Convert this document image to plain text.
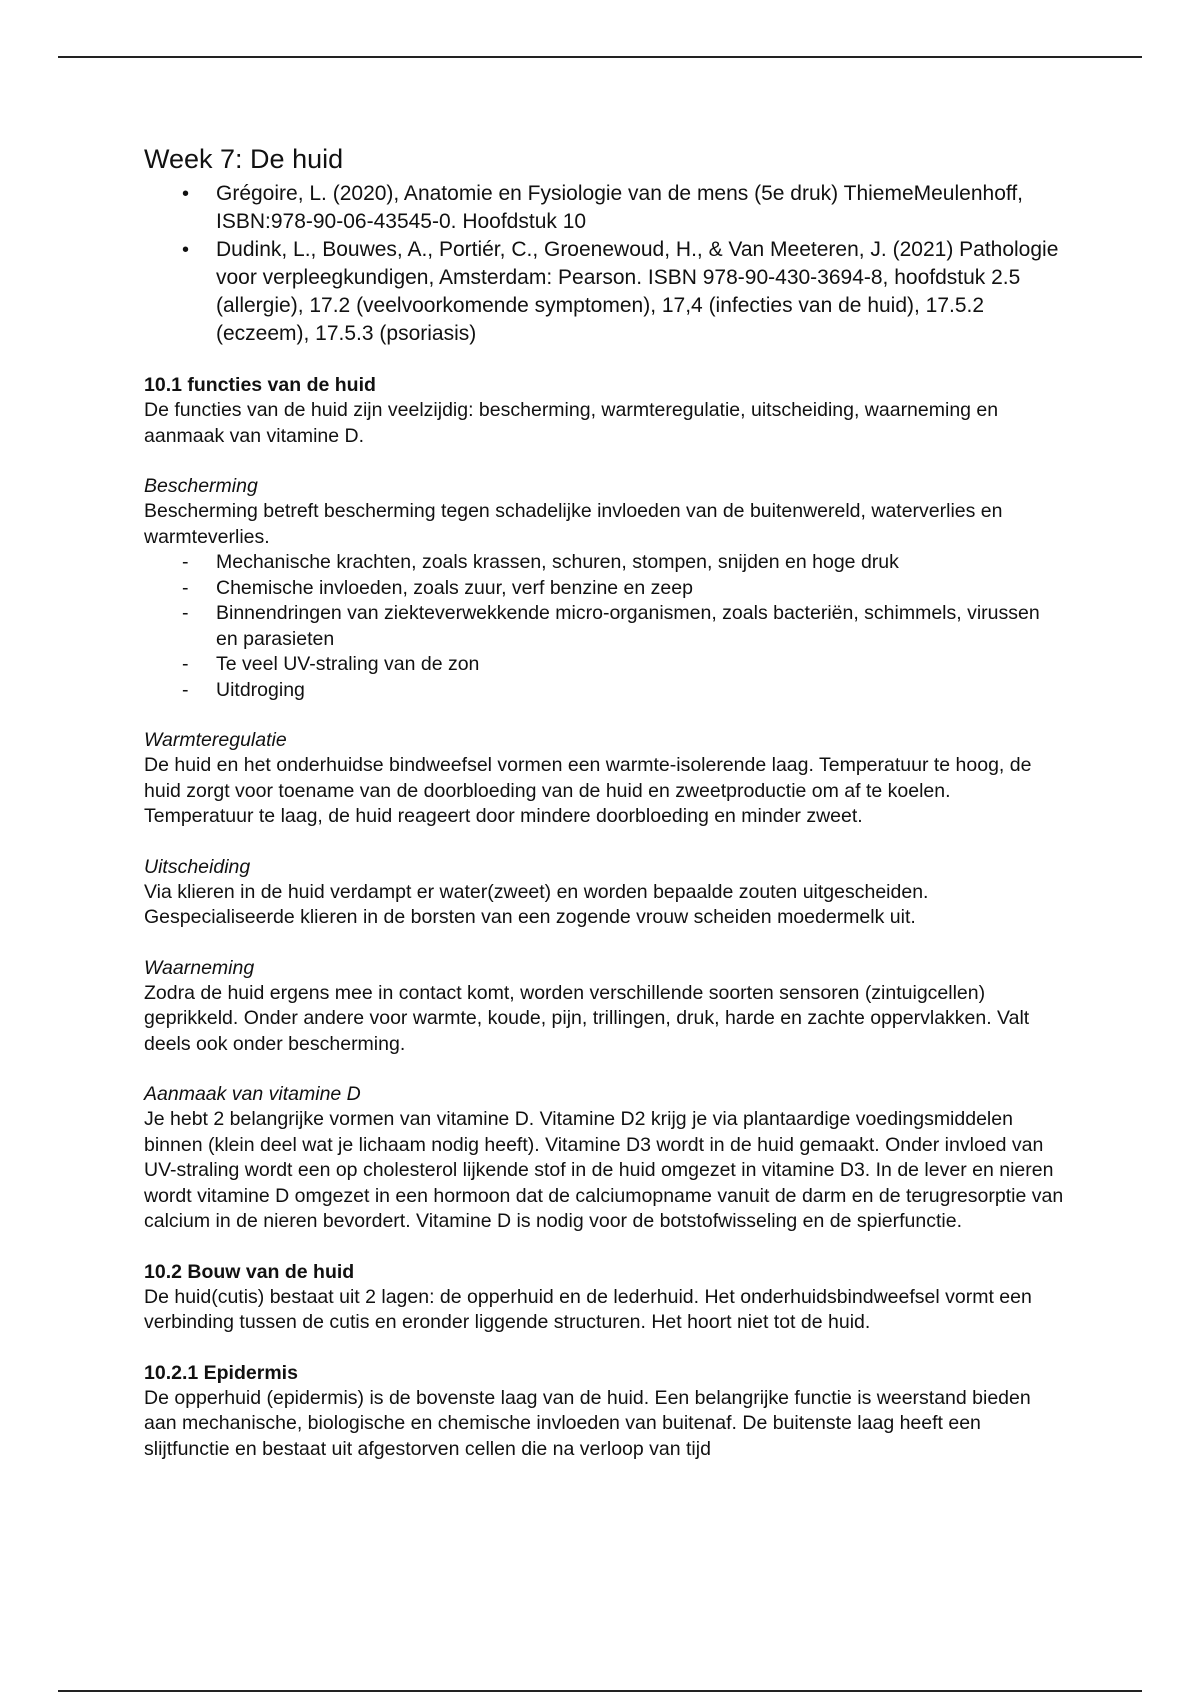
Week 7: De huid
• Grégoire, L. (2020), Anatomie en Fysiologie van de mens (5e druk) ThiemeMeulenhoff, ISBN:978-90-06-43545-0. Hoofdstuk 10
• Dudink, L., Bouwes, A., Portiér, C., Groenewoud, H., & Van Meeteren, J. (2021) Pathologie voor verpleegkundigen, Amsterdam: Pearson. ISBN 978-90-430-3694-8, hoofdstuk 2.5 (allergie), 17.2 (veelvoorkomende symptomen), 17,4 (infecties van de huid), 17.5.2 (eczeem), 17.5.3 (psoriasis)
10.1 functies van de huid

De functies van de huid zijn veelzijdig: bescherming, warmteregulatie, uitscheiding, waarneming en aanmaak van vitamine D.

Bescherming

Bescherming betreft bescherming tegen schadelijke invloeden van de buitenwereld, waterverlies en warmteverlies.

- Mechanische krachten, zoals krassen, schuren, stompen, snijden en hoge druk
- Chemische invloeden, zoals zuur, verf benzine en zeep
- Binnendringen van ziekteverwekkende micro-organismen, zoals bacteriën, schimmels, virussen en parasieten
- Te veel UV-straling van de zon
- Uitdroging
Warmteregulatie

De huid en het onderhuidse bindweefsel vormen een warmte-isolerende laag. Temperatuur te hoog, de huid zorgt voor toename van de doorbloeding van de huid en zweetproductie om af te koelen. Temperatuur te laag, de huid reageert door mindere doorbloeding en minder zweet.

Uitscheiding

Via klieren in de huid verdampt er water(zweet) en worden bepaalde zouten uitgescheiden. Gespecialiseerde klieren in de borsten van een zogende vrouw scheiden moedermelk uit.

Waarneming

Zodra de huid ergens mee in contact komt, worden verschillende soorten sensoren (zintuigcellen) geprikkeld. Onder andere voor warmte, koude, pijn, trillingen, druk, harde en zachte oppervlakken. Valt deels ook onder bescherming.

Aanmaak van vitamine D

Je hebt 2 belangrijke vormen van vitamine D. Vitamine D2 krijg je via plantaardige voedingsmiddelen binnen (klein deel wat je lichaam nodig heeft). Vitamine D3 wordt in de huid gemaakt. Onder invloed van UV-straling wordt een op cholesterol lijkende stof in de huid omgezet in vitamine D3. In de lever en nieren wordt vitamine D omgezet in een hormoon dat de calciumopname vanuit de darm en de terugresorptie van calcium in de nieren bevordert. Vitamine D is nodig voor de botstofwisseling en de spierfunctie.

10.2 Bouw van de huid

De huid(cutis) bestaat uit 2 lagen: de opperhuid en de lederhuid. Het onderhuidsbindweefsel vormt een verbinding tussen de cutis en eronder liggende structuren. Het hoort niet tot de huid.

10.2.1 Epidermis

De opperhuid (epidermis) is de bovenste laag van de huid. Een belangrijke functie is weerstand bieden aan mechanische, biologische en chemische invloeden van buitenaf. De buitenste laag heeft een slijtfunctie en bestaat uit afgestorven cellen die na verloop van tijd
